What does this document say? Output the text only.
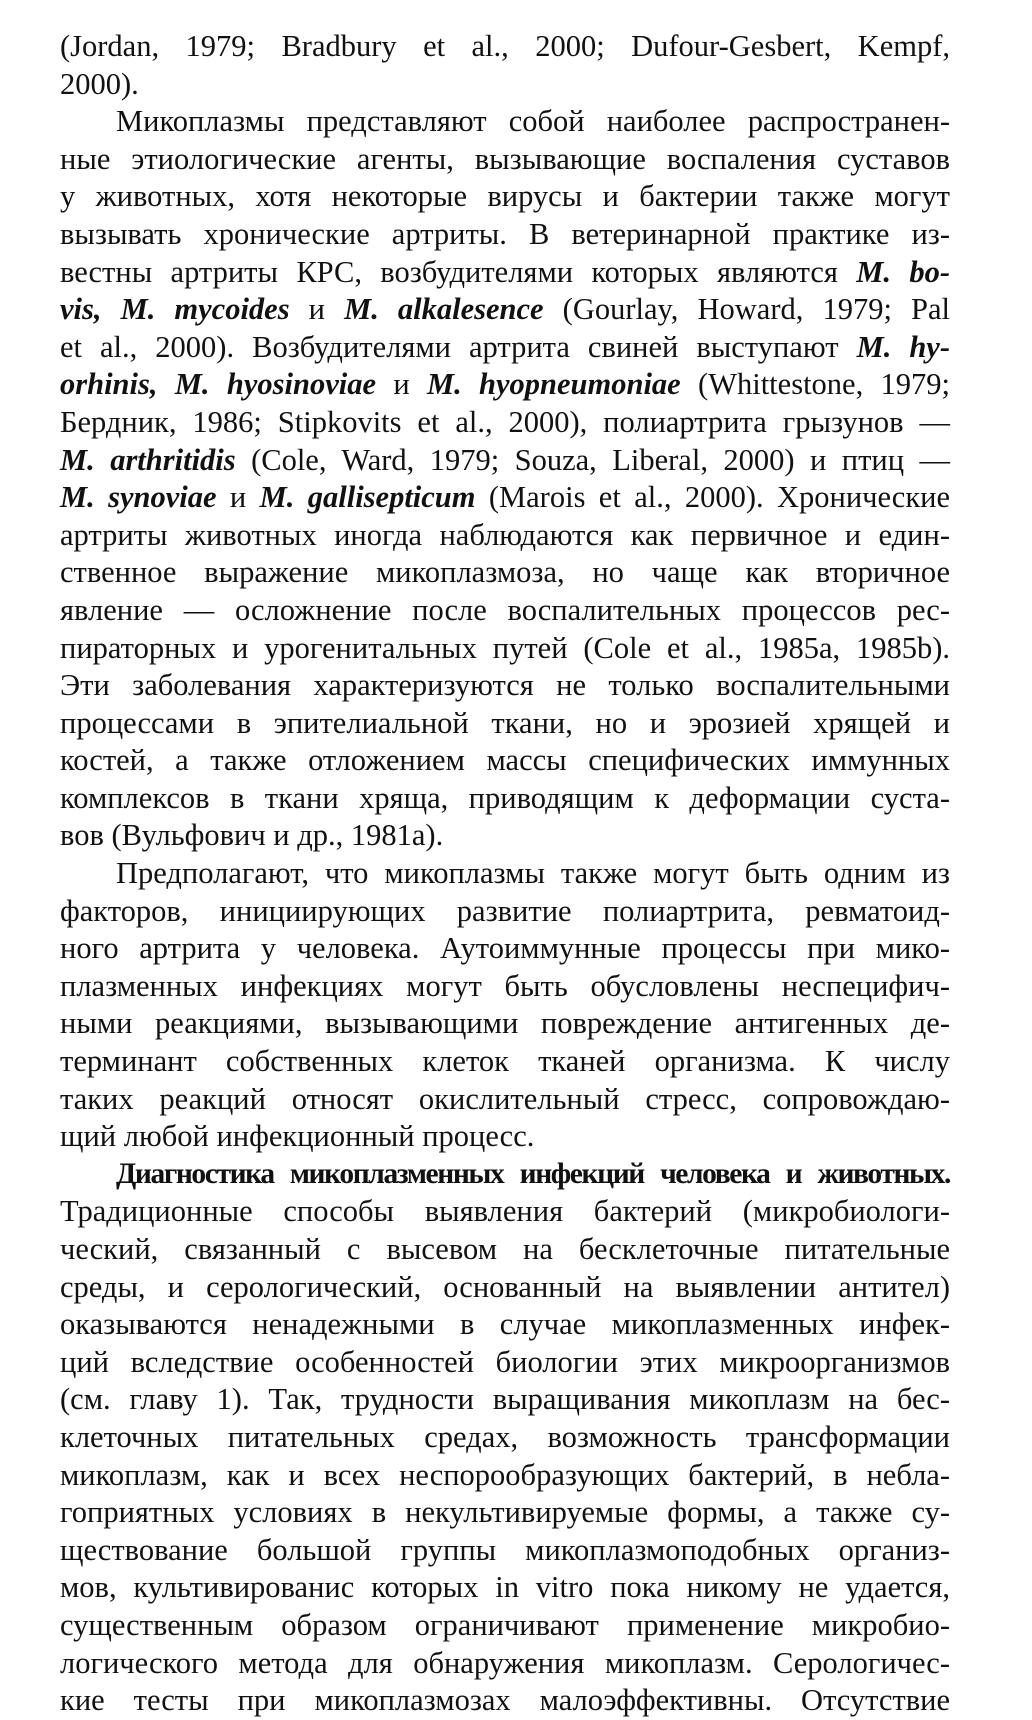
(Jordan, 1979; Bradbury et al., 2000; Dufour-Gesbert, Kempf,
2000).
Микоплазмы представляют собой наиболее распространен-
ные этиологические агенты, вызывающие воспаления суставов
у животных, хотя некоторые вирусы и бактерии также могут
вызывать хронические артриты. В ветеринарной практике из-
вестны артриты КРС, возбудителями которых являются M. bo-
vis, M. mycoides и M. alkalesence (Gourlay, Howard, 1979; Pal
et al., 2000). Возбудителями артрита свиней выступают M. hy-
orhinis, M. hyosinoviae и M. hyopneumoniae (Whittestone, 1979;
Бердник, 1986; Stipkovits et al., 2000), полиартрита грызунов —
M. arthritidis (Cole, Ward, 1979; Souza, Liberal, 2000) и птиц —
M. synoviae и M. gallisepticum (Marois et al., 2000). Хронические
артриты животных иногда наблюдаются как первичное и един-
ственное выражение микоплазмоза, но чаще как вторичное
явление — осложнение после воспалительных процессов рес-
пираторных и урогенитальных путей (Cole et al., 1985a, 1985b).
Эти заболевания характеризуются не только воспалительными
процессами в эпителиальной ткани, но и эрозией хрящей и
костей, а также отложением массы специфических иммунных
комплексов в ткани хряща, приводящим к деформации суста-
вов (Вульфович и др., 1981a).
Предполагают, что микоплазмы также могут быть одним из
факторов, инициирующих развитие полиартрита, ревматоид-
ного артрита у человека. Аутоиммунные процессы при мико-
плазменных инфекциях могут быть обусловлены неспецифич-
ными реакциями, вызывающими повреждение антигенных де-
терминант собственных клеток тканей организма. К числу
таких реакций относят окислительный стресс, сопровождаю-
щий любой инфекционный процесс.
Диагностика микоплазменных инфекций человека и животных.
Традиционные способы выявления бактерий (микробиологи-
ческий, связанный с высевом на бесклеточные питательные
среды, и серологический, основанный на выявлении антител)
оказываются ненадежными в случае микоплазменных инфек-
ций вследствие особенностей биологии этих микроорганизмов
(см. главу 1). Так, трудности выращивания микоплазм на бес-
клеточных питательных средах, возможность трансформации
микоплазм, как и всех неспорообразующих бактерий, в небла-
гоприятных условиях в некультивируемые формы, а также су-
ществование большой группы микоплазмоподобных организ-
мов, культивированис которых in vitro пока никому не удается,
существенным образом ограничивают применение микробио-
логического метода для обнаружения микоплазм. Серологичес-
кие тесты при микоплазмозах малоэффективны. Отсутствие
